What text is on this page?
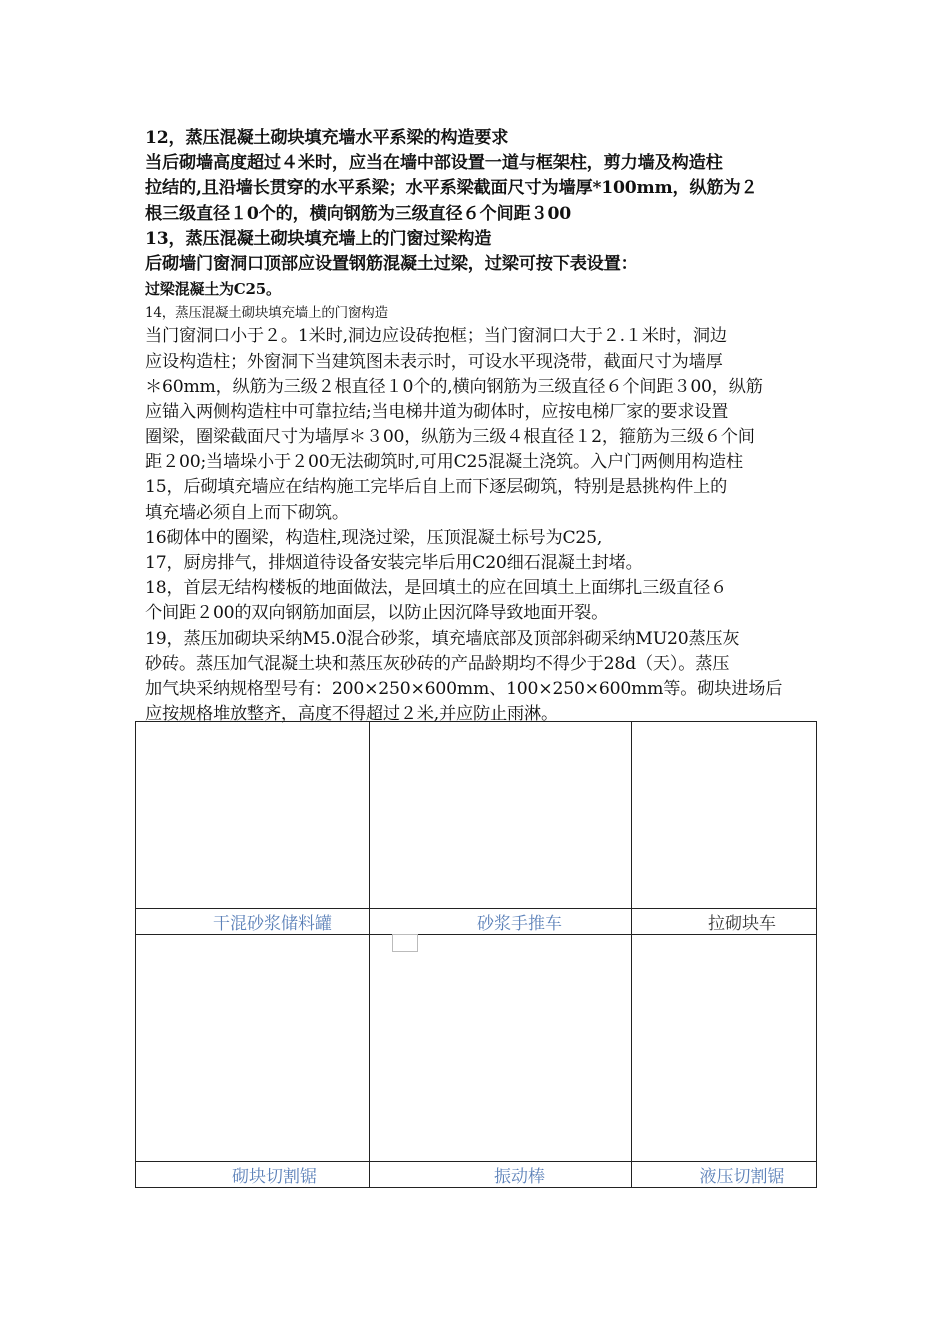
12，蒸压混凝土砌块填充墙水平系梁的构造要求
当后砌墙高度超过４米时，应当在墙中部设置一道与框架柱，剪力墙及构造柱
拉结的,且沿墙长贯穿的水平系梁；水平系梁截面尺寸为墙厚*100mm，纵筋为２
根三级直径１0个的，横向钢筋为三级直径６个间距３00
13，蒸压混凝土砌块填充墙上的门窗过梁构造
后砌墙门窗洞口顶部应设置钢筋混凝土过梁，过梁可按下表设置：
过梁混凝土为C25。
14，蒸压混凝土砌块填充墙上的门窗构造
当门窗洞口小于２。1米时,洞边应设砖抱框；当门窗洞口大于２.１米时，洞边
应设构造柱；外窗洞下当建筑图未表示时，可设水平现浇带，截面尺寸为墙厚
＊60mm，纵筋为三级２根直径１0个的,横向钢筋为三级直径６个间距３00，纵筋
应锚入两侧构造柱中可靠拉结;当电梯井道为砌体时，应按电梯厂家的要求设置
圈梁，圈梁截面尺寸为墙厚＊３00，纵筋为三级４根直径１2，箍筋为三级６个间
距２00;当墙垛小于２00无法砌筑时,可用C25混凝土浇筑。入户门两侧用构造柱
15，后砌填充墙应在结构施工完毕后自上而下逐层砌筑，特别是悬挑构件上的
填充墙必须自上而下砌筑。
16砌体中的圈梁，构造柱,现浇过梁，压顶混凝土标号为C25,
17，厨房排气，排烟道待设备安装完毕后用C20细石混凝土封堵。
18，首层无结构楼板的地面做法，是回填土的应在回填土上面绑扎三级直径６
个间距２00的双向钢筋加面层，以防止因沉降导致地面开裂。
19，蒸压加砌块采纳M5.0混合砂浆，填充墙底部及顶部斜砌采纳MU20蒸压灰
砂砖。蒸压加气混凝土块和蒸压灰砂砖的产品龄期均不得少于28d（天）。蒸压
加气块采纳规格型号有：200×250×600mm、100×250×600mm等。砌块进场后
应按规格堆放整齐，高度不得超过２米,并应防止雨淋。

干混砂浆储料罐	砂浆手推车	拉砌块车

砌块切割锯	振动棒	液压切割锯
